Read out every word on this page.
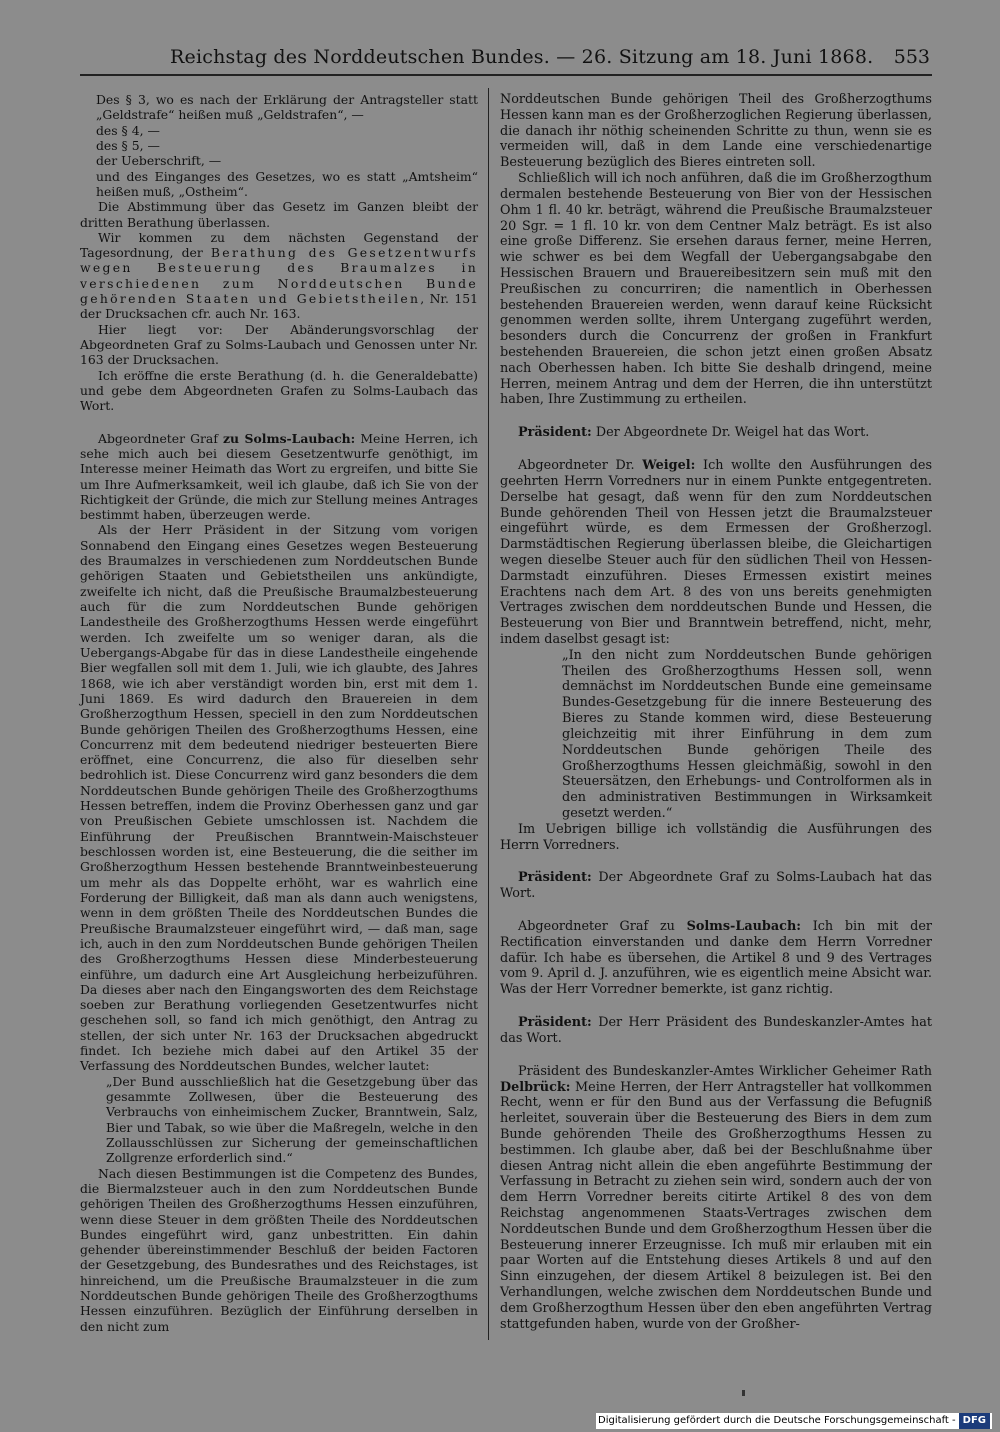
Reichstag des Norddeutschen Bundes. — 26. Sitzung am 18. Juni 1868. 553

Des § 3, wo es nach der Erklärung der Antragsteller statt „Geldstrafe“ heißen muß „Geldstrafen“, —

des § 4, —

des § 5, —

der Ueberschrift, —

und des Einganges des Gesetzes, wo es statt „Amtsheim“ heißen muß, „Ostheim“.

Die Abstimmung über das Gesetz im Ganzen bleibt der dritten Berathung überlassen.

Wir kommen zu dem nächsten Gegenstand der Tagesordnung, der Berathung des Gesetzentwurfs wegen Besteuerung des Braumalzes in verschiedenen zum Norddeutschen Bunde gehörenden Staaten und Gebietstheilen, Nr. 151 der Drucksachen cfr. auch Nr. 163.

Hier liegt vor: Der Abänderungsvorschlag der Abgeordneten Graf zu Solms-Laubach und Genossen unter Nr. 163 der Drucksachen.

Ich eröffne die erste Berathung (d. h. die Generaldebatte) und gebe dem Abgeordneten Grafen zu Solms-Laubach das Wort.

Abgeordneter Graf zu Solms-Laubach: Meine Herren, ich sehe mich auch bei diesem Gesetzentwurfe genöthigt, im Interesse meiner Heimath das Wort zu ergreifen, und bitte Sie um Ihre Aufmerksamkeit, weil ich glaube, daß ich Sie von der Richtigkeit der Gründe, die mich zur Stellung meines Antrages bestimmt haben, überzeugen werde.

Als der Herr Präsident in der Sitzung vom vorigen Sonnabend den Eingang eines Gesetzes wegen Besteuerung des Braumalzes in verschiedenen zum Norddeutschen Bunde gehörigen Staaten und Gebietstheilen uns ankündigte, zweifelte ich nicht, daß die Preußische Braumalzbesteuerung auch für die zum Norddeutschen Bunde gehörigen Landestheile des Großherzogthums Hessen werde eingeführt werden. Ich zweifelte um so weniger daran, als die Uebergangs-Abgabe für das in diese Landestheile eingehende Bier wegfallen soll mit dem 1. Juli, wie ich glaubte, des Jahres 1868, wie ich aber verständigt worden bin, erst mit dem 1. Juni 1869. Es wird dadurch den Brauereien in dem Großherzogthum Hessen, speciell in den zum Norddeutschen Bunde gehörigen Theilen des Großherzogthums Hessen, eine Concurrenz mit dem bedeutend niedriger besteuerten Biere eröffnet, eine Concurrenz, die also für dieselben sehr bedrohlich ist. Diese Concurrenz wird ganz besonders die dem Norddeutschen Bunde gehörigen Theile des Großherzogthums Hessen betreffen, indem die Provinz Oberhessen ganz und gar von Preußischen Gebiete umschlossen ist. Nachdem die Einführung der Preußischen Branntwein-Maischsteuer beschlossen worden ist, eine Besteuerung, die die seither im Großherzogthum Hessen bestehende Branntweinbesteuerung um mehr als das Doppelte erhöht, war es wahrlich eine Forderung der Billigkeit, daß man als dann auch wenigstens, wenn in dem größten Theile des Norddeutschen Bundes die Preußische Braumalzsteuer eingeführt wird, — daß man, sage ich, auch in den zum Norddeutschen Bunde gehörigen Theilen des Großherzogthums Hessen diese Minderbesteuerung einführe, um dadurch eine Art Ausgleichung herbeizuführen. Da dieses aber nach den Eingangsworten des dem Reichstage soeben zur Berathung vorliegenden Gesetzentwurfes nicht geschehen soll, so fand ich mich genöthigt, den Antrag zu stellen, der sich unter Nr. 163 der Drucksachen abgedruckt findet. Ich beziehe mich dabei auf den Artikel 35 der Verfassung des Norddeutschen Bundes, welcher lautet:

„Der Bund ausschließlich hat die Gesetzgebung über das gesammte Zollwesen, über die Besteuerung des Verbrauchs von einheimischem Zucker, Branntwein, Salz, Bier und Tabak, so wie über die Maßregeln, welche in den Zollausschlüssen zur Sicherung der gemeinschaftlichen Zollgrenze erforderlich sind.“

Nach diesen Bestimmungen ist die Competenz des Bundes, die Biermalzsteuer auch in den zum Norddeutschen Bunde gehörigen Theilen des Großherzogthums Hessen einzuführen, wenn diese Steuer in dem größten Theile des Norddeutschen Bundes eingeführt wird, ganz unbestritten. Ein dahin gehender übereinstimmender Beschluß der beiden Factoren der Gesetzgebung, des Bundesrathes und des Reichstages, ist hinreichend, um die Preußische Braumalzsteuer in die zum Norddeutschen Bunde gehörigen Theile des Großherzogthums Hessen einzuführen. Bezüglich der Einführung derselben in den nicht zum

Norddeutschen Bunde gehörigen Theil des Großherzogthums Hessen kann man es der Großherzoglichen Regierung überlassen, die danach ihr nöthig scheinenden Schritte zu thun, wenn sie es vermeiden will, daß in dem Lande eine verschiedenartige Besteuerung bezüglich des Bieres eintreten soll.

Schließlich will ich noch anführen, daß die im Großherzogthum dermalen bestehende Besteuerung von Bier von der Hessischen Ohm 1 fl. 40 kr. beträgt, während die Preußische Braumalzsteuer 20 Sgr. = 1 fl. 10 kr. von dem Centner Malz beträgt. Es ist also eine große Differenz. Sie ersehen daraus ferner, meine Herren, wie schwer es bei dem Wegfall der Uebergangsabgabe den Hessischen Brauern und Brauereibesitzern sein muß mit den Preußischen zu concurriren; die namentlich in Oberhessen bestehenden Brauereien werden, wenn darauf keine Rücksicht genommen werden sollte, ihrem Untergang zugeführt werden, besonders durch die Concurrenz der großen in Frankfurt bestehenden Brauereien, die schon jetzt einen großen Absatz nach Oberhessen haben. Ich bitte Sie deshalb dringend, meine Herren, meinem Antrag und dem der Herren, die ihn unterstützt haben, Ihre Zustimmung zu ertheilen.

Präsident: Der Abgeordnete Dr. Weigel hat das Wort.

Abgeordneter Dr. Weigel: Ich wollte den Ausführungen des geehrten Herrn Vorredners nur in einem Punkte entgegentreten. Derselbe hat gesagt, daß wenn für den zum Norddeutschen Bunde gehörenden Theil von Hessen jetzt die Braumalzsteuer eingeführt würde, es dem Ermessen der Großherzogl. Darmstädtischen Regierung überlassen bleibe, die Gleichartigen wegen dieselbe Steuer auch für den südlichen Theil von Hessen-Darmstadt einzuführen. Dieses Ermessen existirt meines Erachtens nach dem Art. 8 des von uns bereits genehmigten Vertrages zwischen dem norddeutschen Bunde und Hessen, die Besteuerung von Bier und Branntwein betreffend, nicht, mehr, indem daselbst gesagt ist:

„In den nicht zum Norddeutschen Bunde gehörigen Theilen des Großherzogthums Hessen soll, wenn demnächst im Norddeutschen Bunde eine gemeinsame Bundes-Gesetzgebung für die innere Besteuerung des Bieres zu Stande kommen wird, diese Besteuerung gleichzeitig mit ihrer Einführung in dem zum Norddeutschen Bunde gehörigen Theile des Großherzogthums Hessen gleichmäßig, sowohl in den Steuersätzen, den Erhebungs- und Controlformen als in den administrativen Bestimmungen in Wirksamkeit gesetzt werden.“

Im Uebrigen billige ich vollständig die Ausführungen des Herrn Vorredners.

Präsident: Der Abgeordnete Graf zu Solms-Laubach hat das Wort.

Abgeordneter Graf zu Solms-Laubach: Ich bin mit der Rectification einverstanden und danke dem Herrn Vorredner dafür. Ich habe es übersehen, die Artikel 8 und 9 des Vertrages vom 9. April d. J. anzuführen, wie es eigentlich meine Absicht war. Was der Herr Vorredner bemerkte, ist ganz richtig.

Präsident: Der Herr Präsident des Bundeskanzler-Amtes hat das Wort.

Präsident des Bundeskanzler-Amtes Wirklicher Geheimer Rath Delbrück: Meine Herren, der Herr Antragsteller hat vollkommen Recht, wenn er für den Bund aus der Verfassung die Befugniß herleitet, souverain über die Besteuerung des Biers in dem zum Bunde gehörenden Theile des Großherzogthums Hessen zu bestimmen. Ich glaube aber, daß bei der Beschlußnahme über diesen Antrag nicht allein die eben angeführte Bestimmung der Verfassung in Betracht zu ziehen sein wird, sondern auch der von dem Herrn Vorredner bereits citirte Artikel 8 des von dem Reichstag angenommenen Staats-Vertrages zwischen dem Norddeutschen Bunde und dem Großherzogthum Hessen über die Besteuerung innerer Erzeugnisse. Ich muß mir erlauben mit ein paar Worten auf die Entstehung dieses Artikels 8 und auf den Sinn einzugehen, der diesem Artikel 8 beizulegen ist. Bei den Verhandlungen, welche zwischen dem Norddeutschen Bunde und dem Großherzogthum Hessen über den eben angeführten Vertrag stattgefunden haben, wurde von der Großher-

Digitalisierung gefördert durch die Deutsche Forschungsgemeinschaft - DFG
